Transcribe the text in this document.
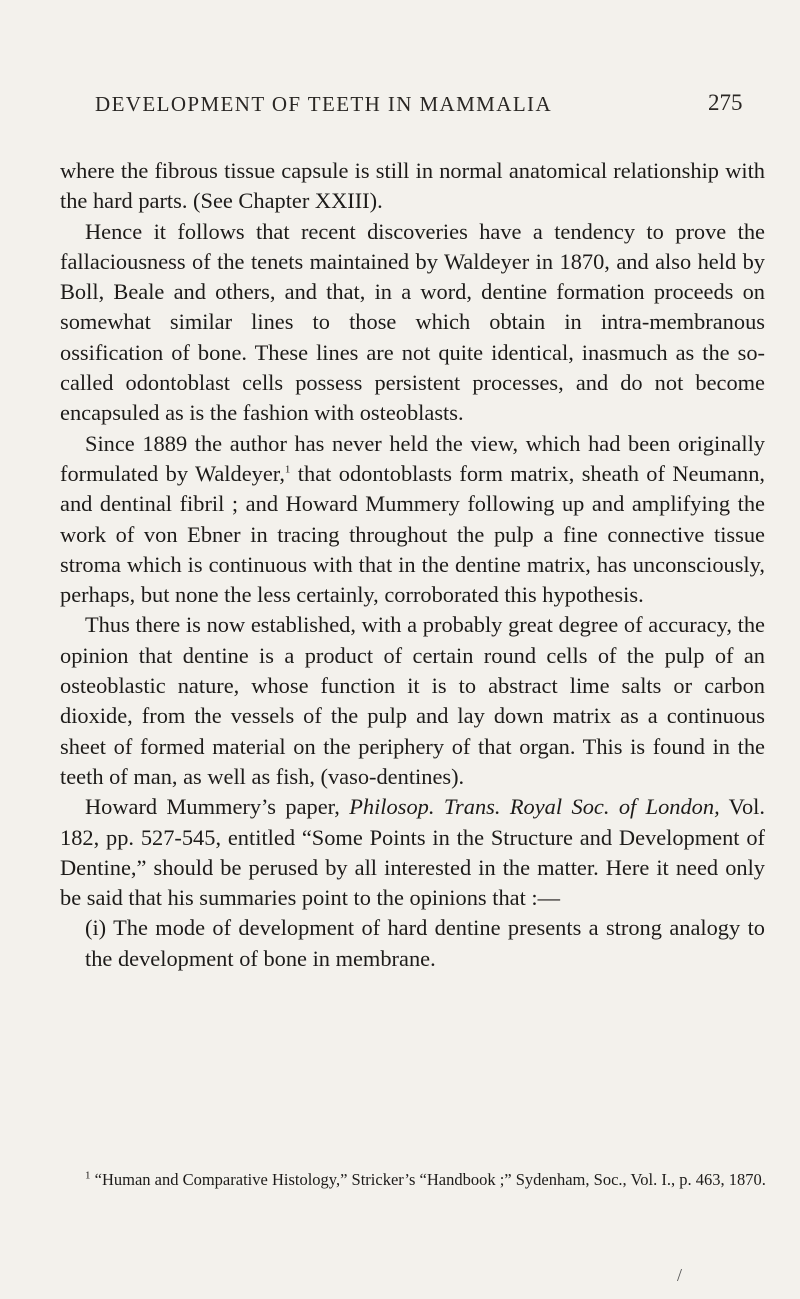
DEVELOPMENT OF TEETH IN MAMMALIA	275

where the fibrous tissue capsule is still in normal anatomical relationship with the hard parts. (See Chapter XXIII).

Hence it follows that recent discoveries have a tendency to prove the fallaciousness of the tenets maintained by Waldeyer in 1870, and also held by Boll, Beale and others, and that, in a word, dentine formation proceeds on somewhat similar lines to those which obtain in intra-membranous ossification of bone. These lines are not quite identical, inasmuch as the so-called odontoblast cells possess persistent processes, and do not become encapsuled as is the fashion with osteoblasts.

Since 1889 the author has never held the view, which had been originally formulated by Waldeyer,$^1$ that odontoblasts form matrix, sheath of Neumann, and dentinal fibril ; and Howard Mummery following up and amplifying the work of von Ebner in tracing throughout the pulp a fine connective tissue stroma which is continuous with that in the dentine matrix, has unconsciously, perhaps, but none the less certainly, corroborated this hypothesis.

Thus there is now established, with a probably great degree of accuracy, the opinion that dentine is a product of certain round cells of the pulp of an osteoblastic nature, whose function it is to abstract lime salts or carbon dioxide, from the vessels of the pulp and lay down matrix as a continuous sheet of formed material on the periphery of that organ. This is found in the teeth of man, as well as fish, (vaso-dentines).

Howard Mummery’s paper, Philosop. Trans. Royal Soc. of London, Vol. 182, pp. 527-545, entitled “Some Points in the Structure and Development of Dentine,” should be perused by all interested in the matter. Here it need only be said that his summaries point to the opinions that :—

(i) The mode of development of hard dentine presents a strong analogy to the development of bone in membrane.

$^1$ “Human and Comparative Histology,” Stricker’s “Handbook ;” Sydenham, Soc., Vol. I., p. 463, 1870.

/
